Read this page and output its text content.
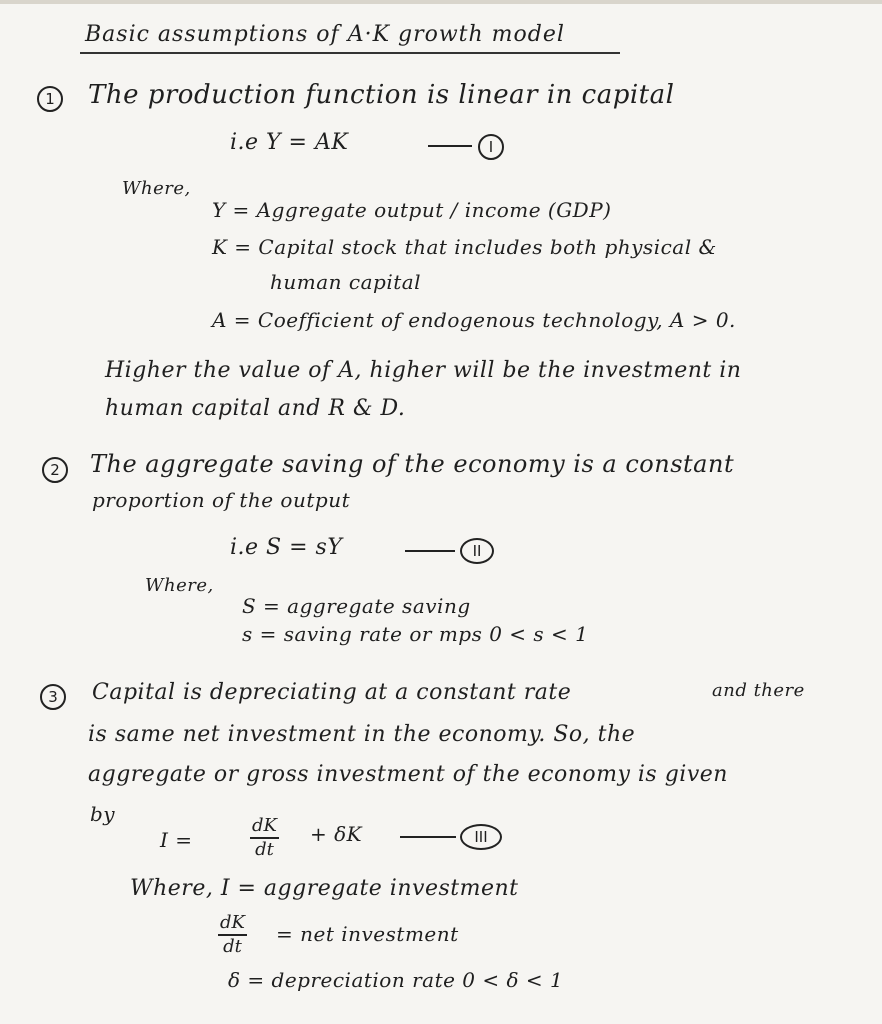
Basic assumptions of A·K growth model
1	The production function is linear in capital
i.e Y = AK	I
Where,
Y = Aggregate output / income (GDP)
K = Capital stock that includes both physical &
human capital
A = Coefficient of endogenous technology, A > 0.
Higher the value of A, higher will be the investment in
human capital and R & D.
2	The aggregate saving of the economy is a constant
proportion of the output
i.e S = sY	II
Where,
S = aggregate saving
s = saving rate or mps 0 < s < 1
3	Capital is depreciating at a constant rate	and there
is same net investment in the economy. So, the
aggregate or gross investment of the economy is given
by
I =	$\frac{dK}{dt} + \delta K$	III
Where, I = aggregate investment
$\frac{dK}{dt}$ = net investment
δ = depreciation rate 0 < δ < 1
